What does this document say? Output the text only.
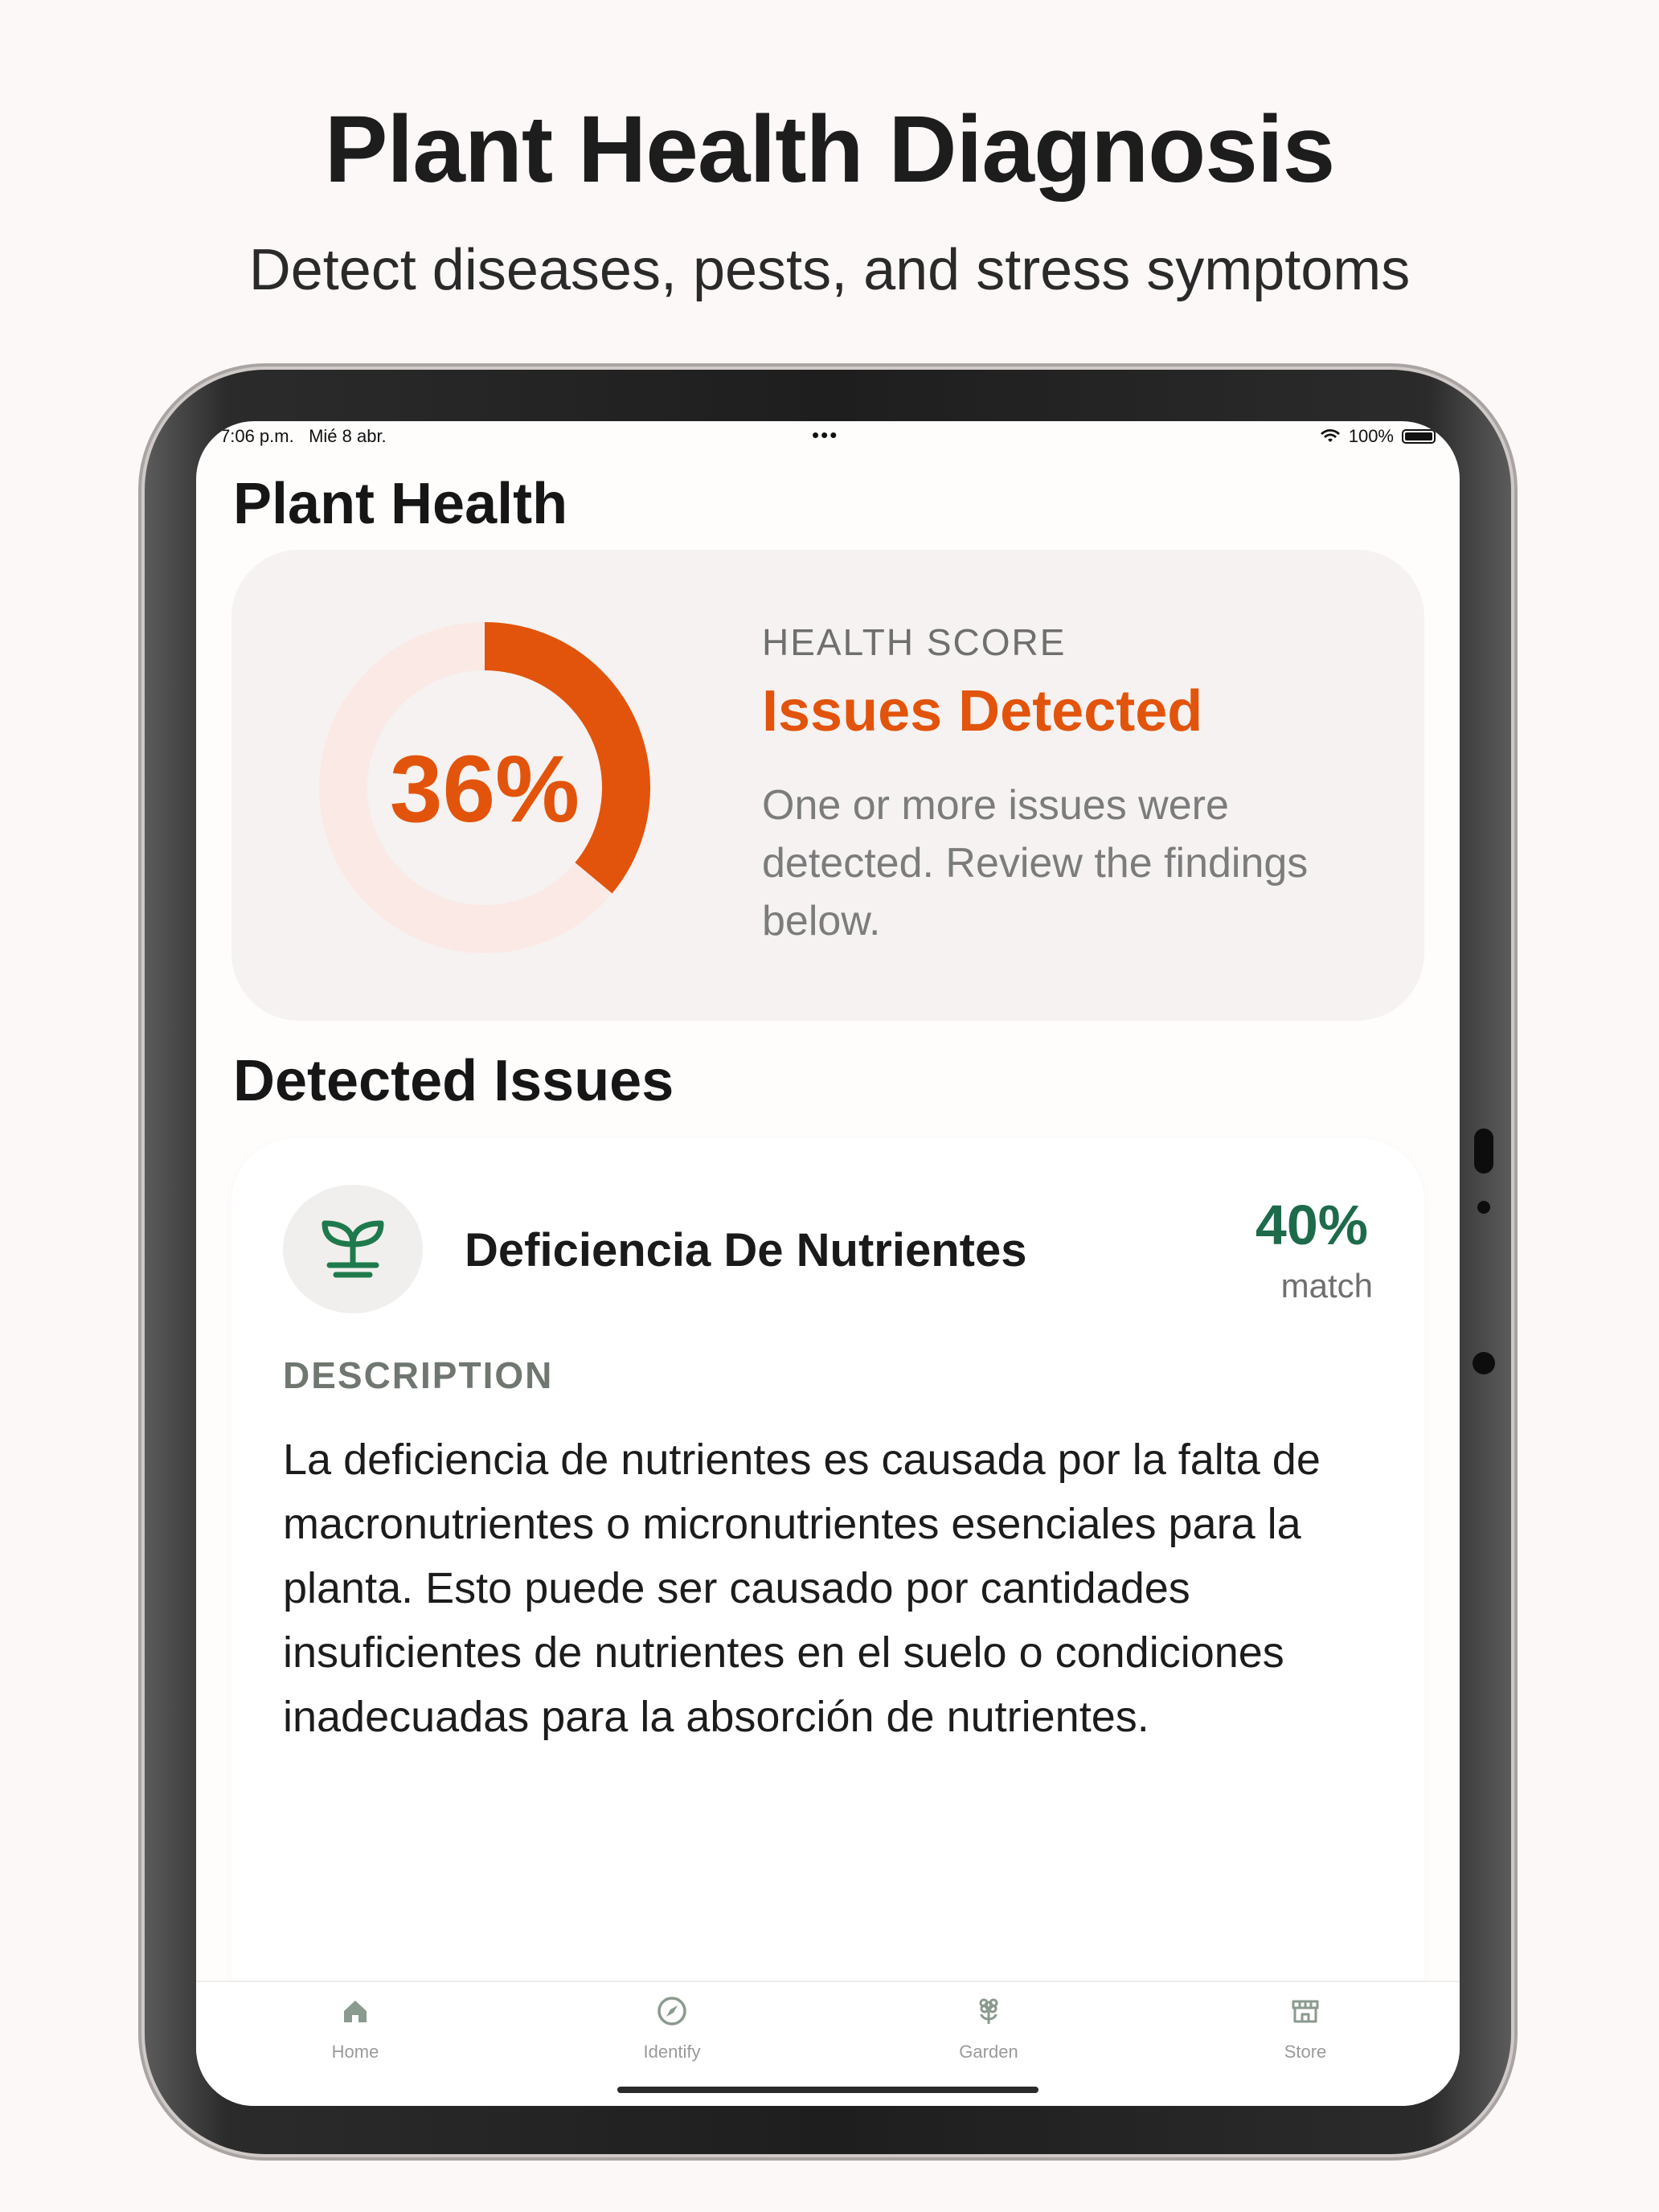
Plant Health Diagnosis
Detect diseases, pests, and stress symptoms
7:06 p.m. Mié 8 abr.	•••	100%
Plant Health
36%
HEALTH SCORE
Issues Detected
One or more issues were detected. Review the findings below.
Detected Issues
Deficiencia De Nutrientes	40%
match
DESCRIPTION
La deficiencia de nutrientes es causada por la falta de macronutrientes o micronutrientes esenciales para la planta. Esto puede ser causado por cantidades insuficientes de nutrientes en el suelo o condiciones inadecuadas para la absorción de nutrientes.
Home	Identify	Garden	Store
